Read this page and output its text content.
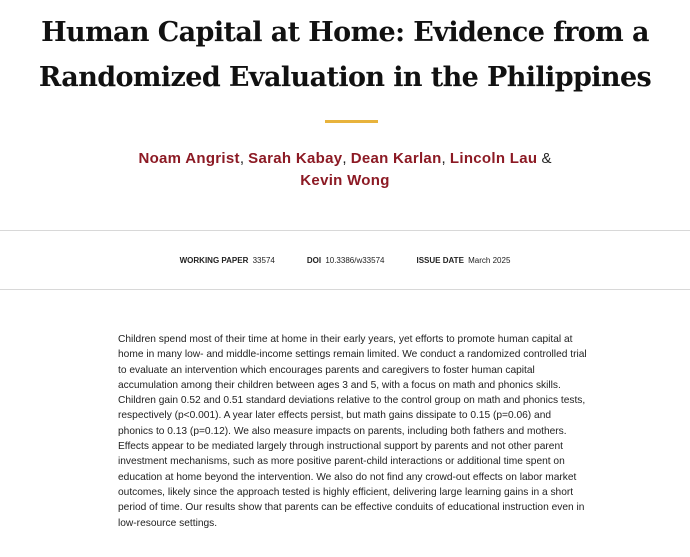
Human Capital at Home: Evidence from a
Randomized Evaluation in the Philippines

Noam Angrist, Sarah Kabay, Dean Karlan, Lincoln Lau &
Kevin Wong

WORKING PAPER 33574	DOI 10.3386/w33574	ISSUE DATE March 2025

Children spend most of their time at home in their early years, yet efforts to promote human capital at home in many low- and middle-income settings remain limited. We conduct a randomized controlled trial to evaluate an intervention which encourages parents and caregivers to foster human capital accumulation among their children between ages 3 and 5, with a focus on math and phonics skills. Children gain 0.52 and 0.51 standard deviations relative to the control group on math and phonics tests, respectively (p<0.001). A year later effects persist, but math gains dissipate to 0.15 (p=0.06) and phonics to 0.13 (p=0.12). We also measure impacts on parents, including both fathers and mothers. Effects appear to be mediated largely through instructional support by parents and not other parent investment mechanisms, such as more positive parent-child interactions or additional time spent on education at home beyond the intervention. We also do not find any crowd-out effects on labor market outcomes, likely since the approach tested is highly efficient, delivering large learning gains in a short period of time. Our results show that parents can be effective conduits of educational instruction even in low-resource settings.
